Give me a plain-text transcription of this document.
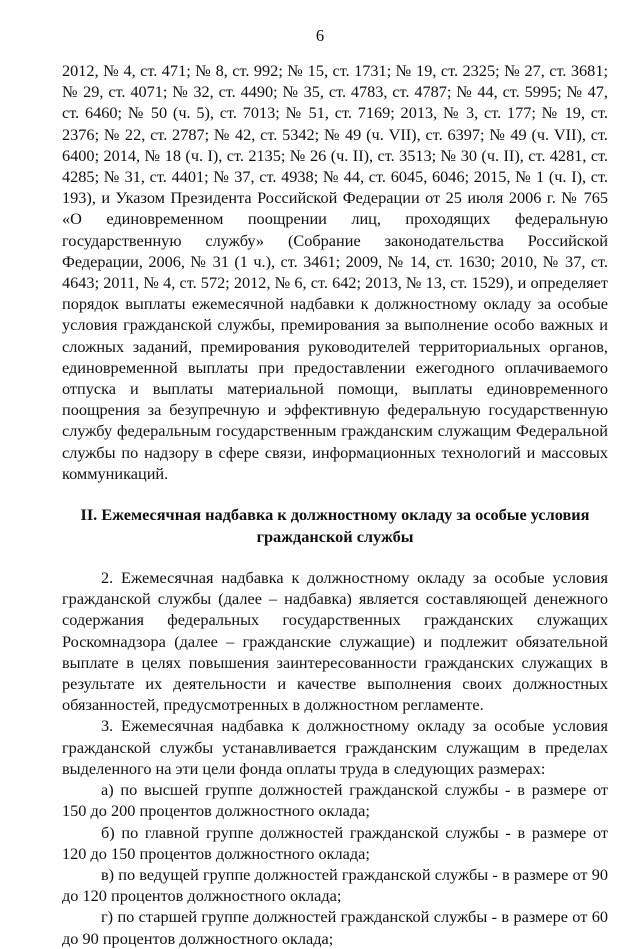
6

2012, № 4, ст. 471; № 8, ст. 992; № 15, ст. 1731; № 19, ст. 2325; № 27, ст. 3681; № 29, ст. 4071; № 32, ст. 4490; № 35, ст. 4783, ст. 4787; № 44, ст. 5995; № 47, ст. 6460; № 50 (ч. 5), ст. 7013; № 51, ст. 7169; 2013, № 3, ст. 177; № 19, ст. 2376; № 22, ст. 2787; № 42, ст. 5342; № 49 (ч. VII), ст. 6397; № 49 (ч. VII), ст. 6400; 2014, № 18 (ч. I), ст. 2135; № 26 (ч. II), ст. 3513; № 30 (ч. II), ст. 4281, ст. 4285; № 31, ст. 4401; № 37, ст. 4938; № 44, ст. 6045, 6046; 2015, № 1 (ч. I), ст. 193), и Указом Президента Российской Федерации от 25 июля 2006 г. № 765 «О единовременном поощрении лиц, проходящих федеральную государственную службу» (Собрание законодательства Российской Федерации, 2006, № 31 (1 ч.), ст. 3461; 2009, № 14, ст. 1630; 2010, № 37, ст. 4643; 2011, № 4, ст. 572; 2012, № 6, ст. 642; 2013, № 13, ст. 1529), и определяет порядок выплаты ежемесячной надбавки к должностному окладу за особые условия гражданской службы, премирования за выполнение особо важных и сложных заданий, премирования руководителей территориальных органов, единовременной выплаты при предоставлении ежегодного оплачиваемого отпуска и выплаты материальной помощи, выплаты единовременного поощрения за безупречную и эффективную федеральную государственную службу федеральным государственным гражданским служащим Федеральной службы по надзору в сфере связи, информационных технологий и массовых коммуникаций.

II. Ежемесячная надбавка к должностному окладу за особые условия
гражданской службы

2. Ежемесячная надбавка к должностному окладу за особые условия гражданской службы (далее – надбавка) является составляющей денежного содержания федеральных государственных гражданских служащих Роскомнадзора (далее – гражданские служащие) и подлежит обязательной выплате в целях повышения заинтересованности гражданских служащих в результате их деятельности и качестве выполнения своих должностных обязанностей, предусмотренных в должностном регламенте.

3. Ежемесячная надбавка к должностному окладу за особые условия гражданской службы устанавливается гражданским служащим в пределах выделенного на эти цели фонда оплаты труда в следующих размерах:

а) по высшей группе должностей гражданской службы - в размере от 150 до 200 процентов должностного оклада;

б) по главной группе должностей гражданской службы - в размере от 120 до 150 процентов должностного оклада;

в) по ведущей группе должностей гражданской службы - в размере от 90 до 120 процентов должностного оклада;

г) по старшей группе должностей гражданской службы - в размере от 60 до 90 процентов должностного оклада;
